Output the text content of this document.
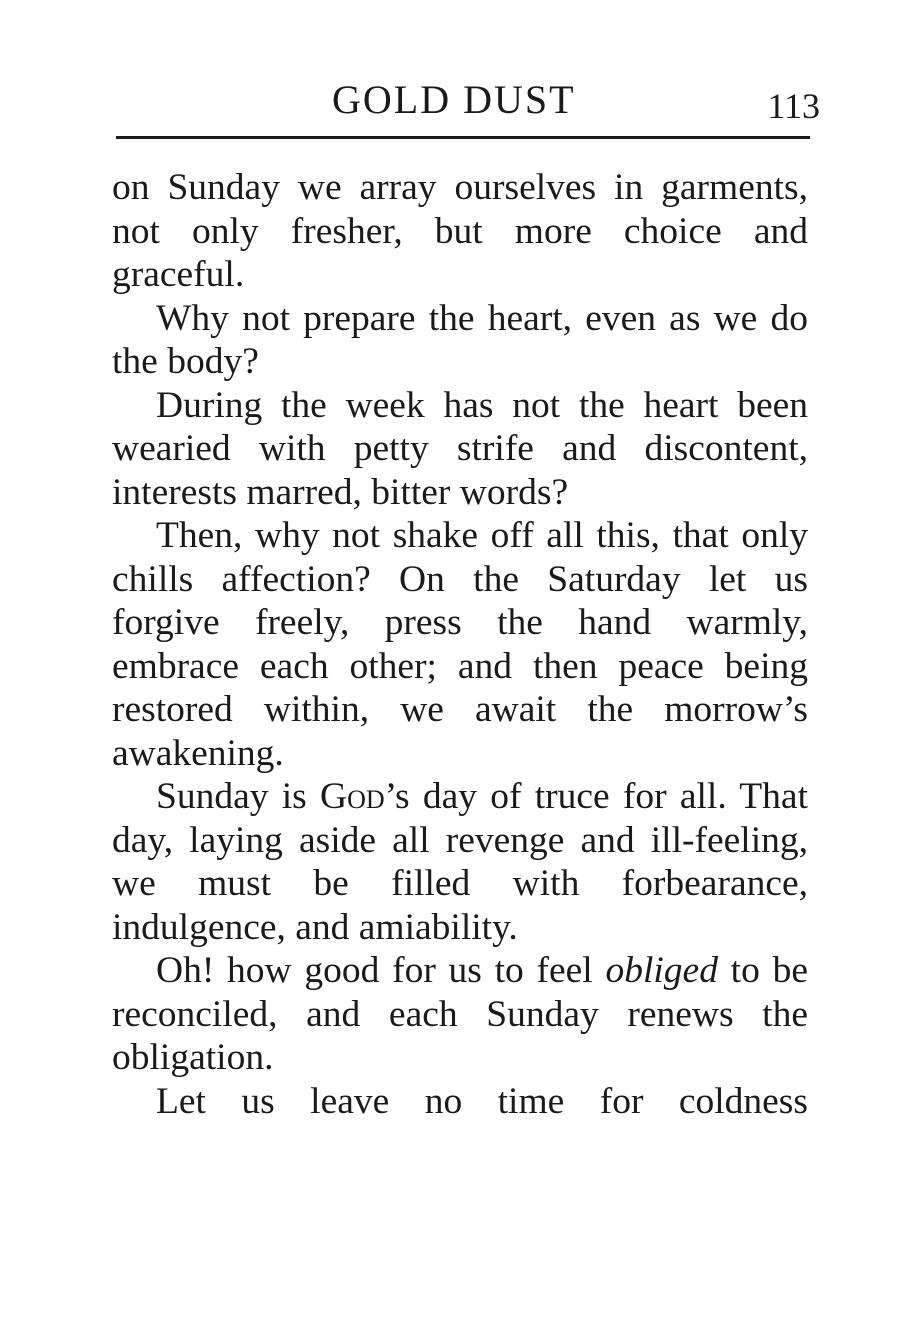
GOLD DUST	113

on Sunday we array ourselves in garments, not only fresher, but more choice and graceful.

Why not prepare the heart, even as we do the body?

During the week has not the heart been wearied with petty strife and discontent, interests marred, bitter words?

Then, why not shake off all this, that only chills affection? On the Saturday let us forgive freely, press the hand warmly, embrace each other; and then peace being restored within, we await the morrow’s awakening.

Sunday is God’s day of truce for all. That day, laying aside all revenge and ill-feeling, we must be filled with forbearance, indulgence, and amiability.

Oh! how good for us to feel obliged to be reconciled, and each Sunday renews the obligation.

Let us leave no time for coldness
